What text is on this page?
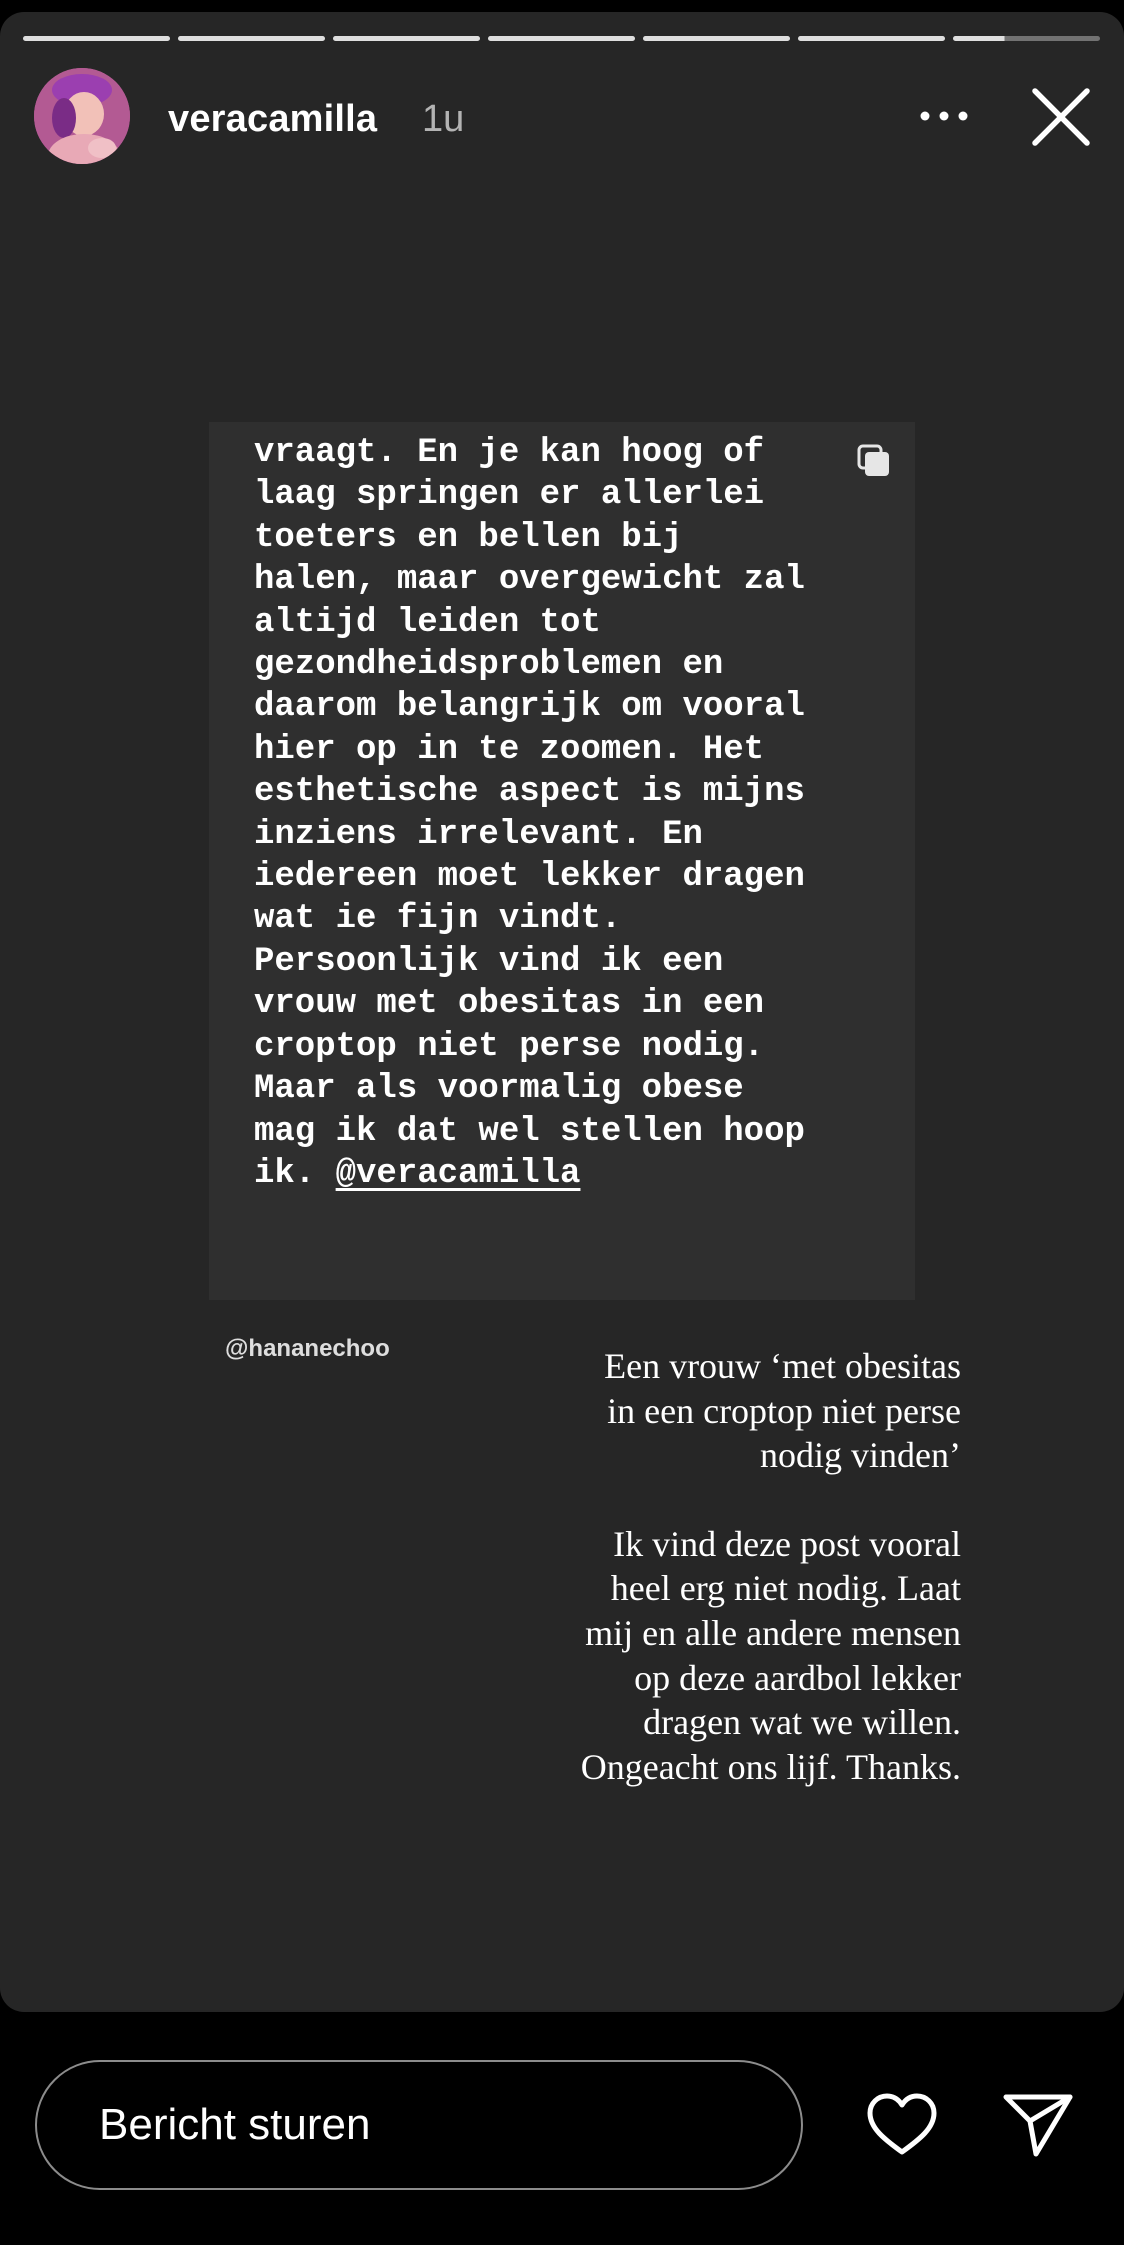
veracamilla 1u
vraagt. En je kan hoog of
laag springen er allerlei
toeters en bellen bij
halen, maar overgewicht zal
altijd leiden tot
gezondheidsproblemen en
daarom belangrijk om vooral
hier op in te zoomen. Het
esthetische aspect is mijns
inziens irrelevant. En
iedereen moet lekker dragen
wat ie fijn vindt.
Persoonlijk vind ik een
vrouw met obesitas in een
croptop niet perse nodig.
Maar als voormalig obese
mag ik dat wel stellen hoop
ik. @veracamilla
@hananechoo	Een vrouw ‘met obesitas
in een croptop niet perse
nodig vinden’

Ik vind deze post vooral
heel erg niet nodig. Laat
mij en alle andere mensen
op deze aardbol lekker
dragen wat we willen.
Ongeacht ons lijf. Thanks.

Bericht sturen
